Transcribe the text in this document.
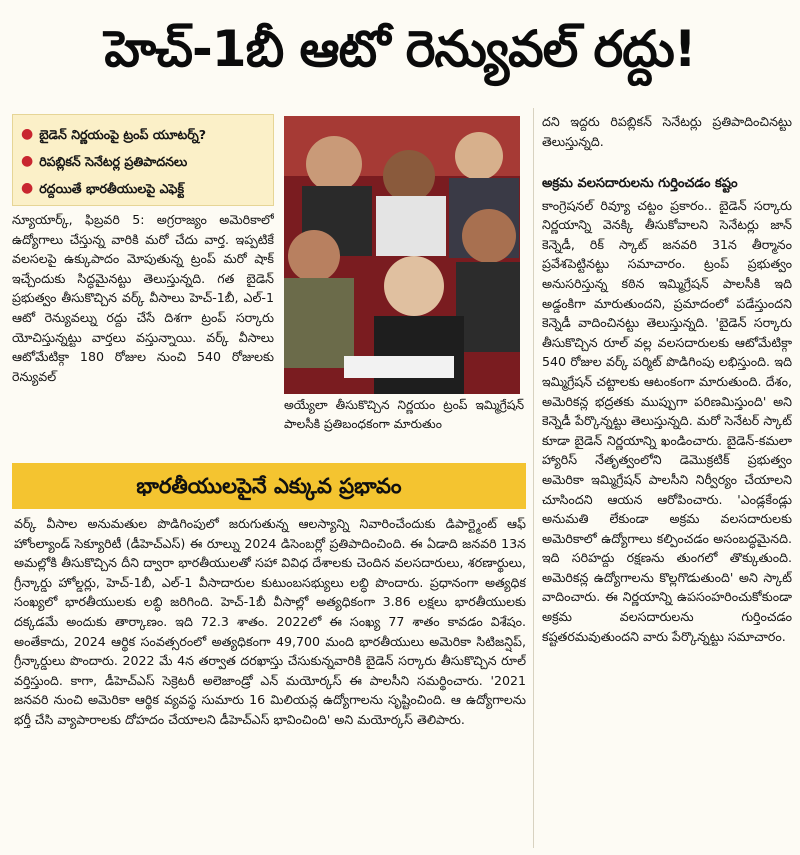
హెచ్-1బీ ఆటో రెన్యువల్ రద్దు!
● బైడెన్ నిర్ణయంపై ట్రంప్ యూటర్న్?
● రిపబ్లికన్ సెనేటర్ల ప్రతిపాదనలు
● రద్దయితే భారతీయులపై ఎఫెక్ట్
న్యూయార్క్, ఫిబ్రవరి 5: అగ్రరాజ్యం అమెరికాలో ఉద్యోగాలు చేస్తున్న వారికి మరో చేదు వార్త. ఇప్పటికే వలసలపై ఉక్కుపాదం మోపుతున్న ట్రంప్ మరో షాక్ ఇచ్చేందుకు సిద్ధమైనట్టు తెలుస్తున్నది. గత బైడెన్ ప్రభుత్వం తీసుకొచ్చిన వర్క్ వీసాలు హెచ్-1బీ, ఎల్-1 ఆటో రెన్యువల్ను రద్దు చేసే దిశగా ట్రంప్ సర్కారు యోచిస్తున్నట్టు వార్తలు వస్తున్నాయి. వర్క్ వీసాలు ఆటోమేటిక్గా 180 రోజుల నుంచి 540 రోజులకు రెన్యువల్
అయ్యేలా తీసుకొచ్చిన నిర్ణయం ట్రంప్ ఇమ్మిగ్రేషన్ పాలసీకి ప్రతిబంధకంగా మారుతుం
భారతీయులపైనే ఎక్కువ ప్రభావం
వర్క్ వీసాల అనుమతుల పొడిగింపులో జరుగుతున్న ఆలస్యాన్ని నివారించేందుకు డిపార్ట్మెంట్ ఆఫ్ హోంల్యాండ్ సెక్యూరిటీ (డీహెచ్ఎస్) ఈ రూల్ను 2024 డిసెంబర్లో ప్రతిపాదించింది. ఈ ఏడాది జనవరి 13న అమల్లోకి తీసుకొచ్చిన దీని ద్వారా భారతీయులతో సహా వివిధ దేశాలకు చెందిన వలసదారులు, శరణార్థులు, గ్రీన్కార్డు హోల్డర్లు, హెచ్-1బీ, ఎల్-1 వీసాదారుల కుటుంబసభ్యులు లబ్ధి పొందారు. ప్రధానంగా అత్యధిక సంఖ్యలో భారతీయులకు లబ్ధి జరిగింది. హెచ్-1బీ వీసాల్లో అత్యధికంగా 3.86 లక్షలు భారతీయులకు దక్కడమే అందుకు తార్కాణం. ఇది 72.3 శాతం. 2022లో ఈ సంఖ్య 77 శాతం కావడం విశేషం. అంతేకాదు, 2024 ఆర్థిక సంవత్సరంలో అత్యధికంగా 49,700 మంది భారతీయులు అమెరికా సిటిజన్షిప్, గ్రీన్కార్డులు పొందారు. 2022 మే 4న తర్వాత దరఖాస్తు చేసుకున్నవారికి బైడెన్ సర్కారు తీసుకొచ్చిన రూల్ వర్తిస్తుంది. కాగా, డీహెచ్ఎస్ సెక్రెటరీ అలెజాండ్రో ఎన్ మయోర్కస్ ఈ పాలసీని సమర్థించారు. '2021 జనవరి నుంచి అమెరికా ఆర్థిక వ్యవస్థ సుమారు 16 మిలియన్ల ఉద్యోగాలను సృష్టించింది. ఆ ఉద్యోగాలను భర్తీ చేసి వ్యాపారాలకు దోహదం చేయాలని డీహెచ్ఎస్ భావించింది' అని మయోర్కస్ తెలిపారు.
దని ఇద్దరు రిపబ్లికన్ సెనేటర్లు ప్రతిపాదించినట్టు తెలుస్తున్నది.
అక్రమ వలసదారులను గుర్తించడం కష్టం
కాంగ్రెషనల్ రివ్యూ చట్టం ప్రకారం.. బైడెన్ సర్కారు నిర్ణయాన్ని వెనక్కి తీసుకోవాలని సెనేటర్లు జాన్ కెన్నెడీ, రిక్ స్కాట్ జనవరి 31న తీర్మానం ప్రవేశపెట్టినట్టు సమాచారం. ట్రంప్ ప్రభుత్వం అనుసరిస్తున్న కఠిన ఇమ్మిగ్రేషన్ పాలసీకి ఇది అడ్డంకిగా మారుతుందని, ప్రమాదంలో పడేస్తుందని కెన్నెడీ వాదించినట్టు తెలుస్తున్నది. 'బైడెన్ సర్కారు తీసుకొచ్చిన రూల్ వల్ల వలసదారులకు ఆటోమేటిక్గా 540 రోజుల వర్క్ పర్మిట్ పొడిగింపు లభిస్తుంది. ఇది ఇమ్మిగ్రేషన్ చట్టాలకు ఆటంకంగా మారుతుంది. దేశం, అమెరికన్ల భద్రతకు ముప్పుగా పరిణమిస్తుంది' అని కెన్నెడీ పేర్కొన్నట్టు తెలుస్తున్నది. మరో సెనేటర్ స్కాట్ కూడా బైడెన్ నిర్ణయాన్ని ఖండించారు. బైడెన్-కమలా హ్యారిస్ నేతృత్వంలోని డెమొక్రటిక్ ప్రభుత్వం అమెరికా ఇమ్మిగ్రేషన్ పాలసీని నిర్వీర్యం చేయాలని చూసిందని ఆయన ఆరోపించారు. 'ఎండ్లకేండ్లు అనుమతి లేకుండా అక్రమ వలసదారులకు అమెరికాలో ఉద్యోగాలు కల్పించడం అసంబద్ధమైనది. ఇది సరిహద్దు రక్షణను తుంగలో తొక్కుతుంది. అమెరికన్ల ఉద్యోగాలను కొల్లగొడుతుంది' అని స్కాట్ వాదించారు. ఈ నిర్ణయాన్ని ఉపసంహరించుకోకుండా అక్రమ వలసదారులను గుర్తించడం కష్టతరమవుతుందని వారు పేర్కొన్నట్టు సమాచారం.
